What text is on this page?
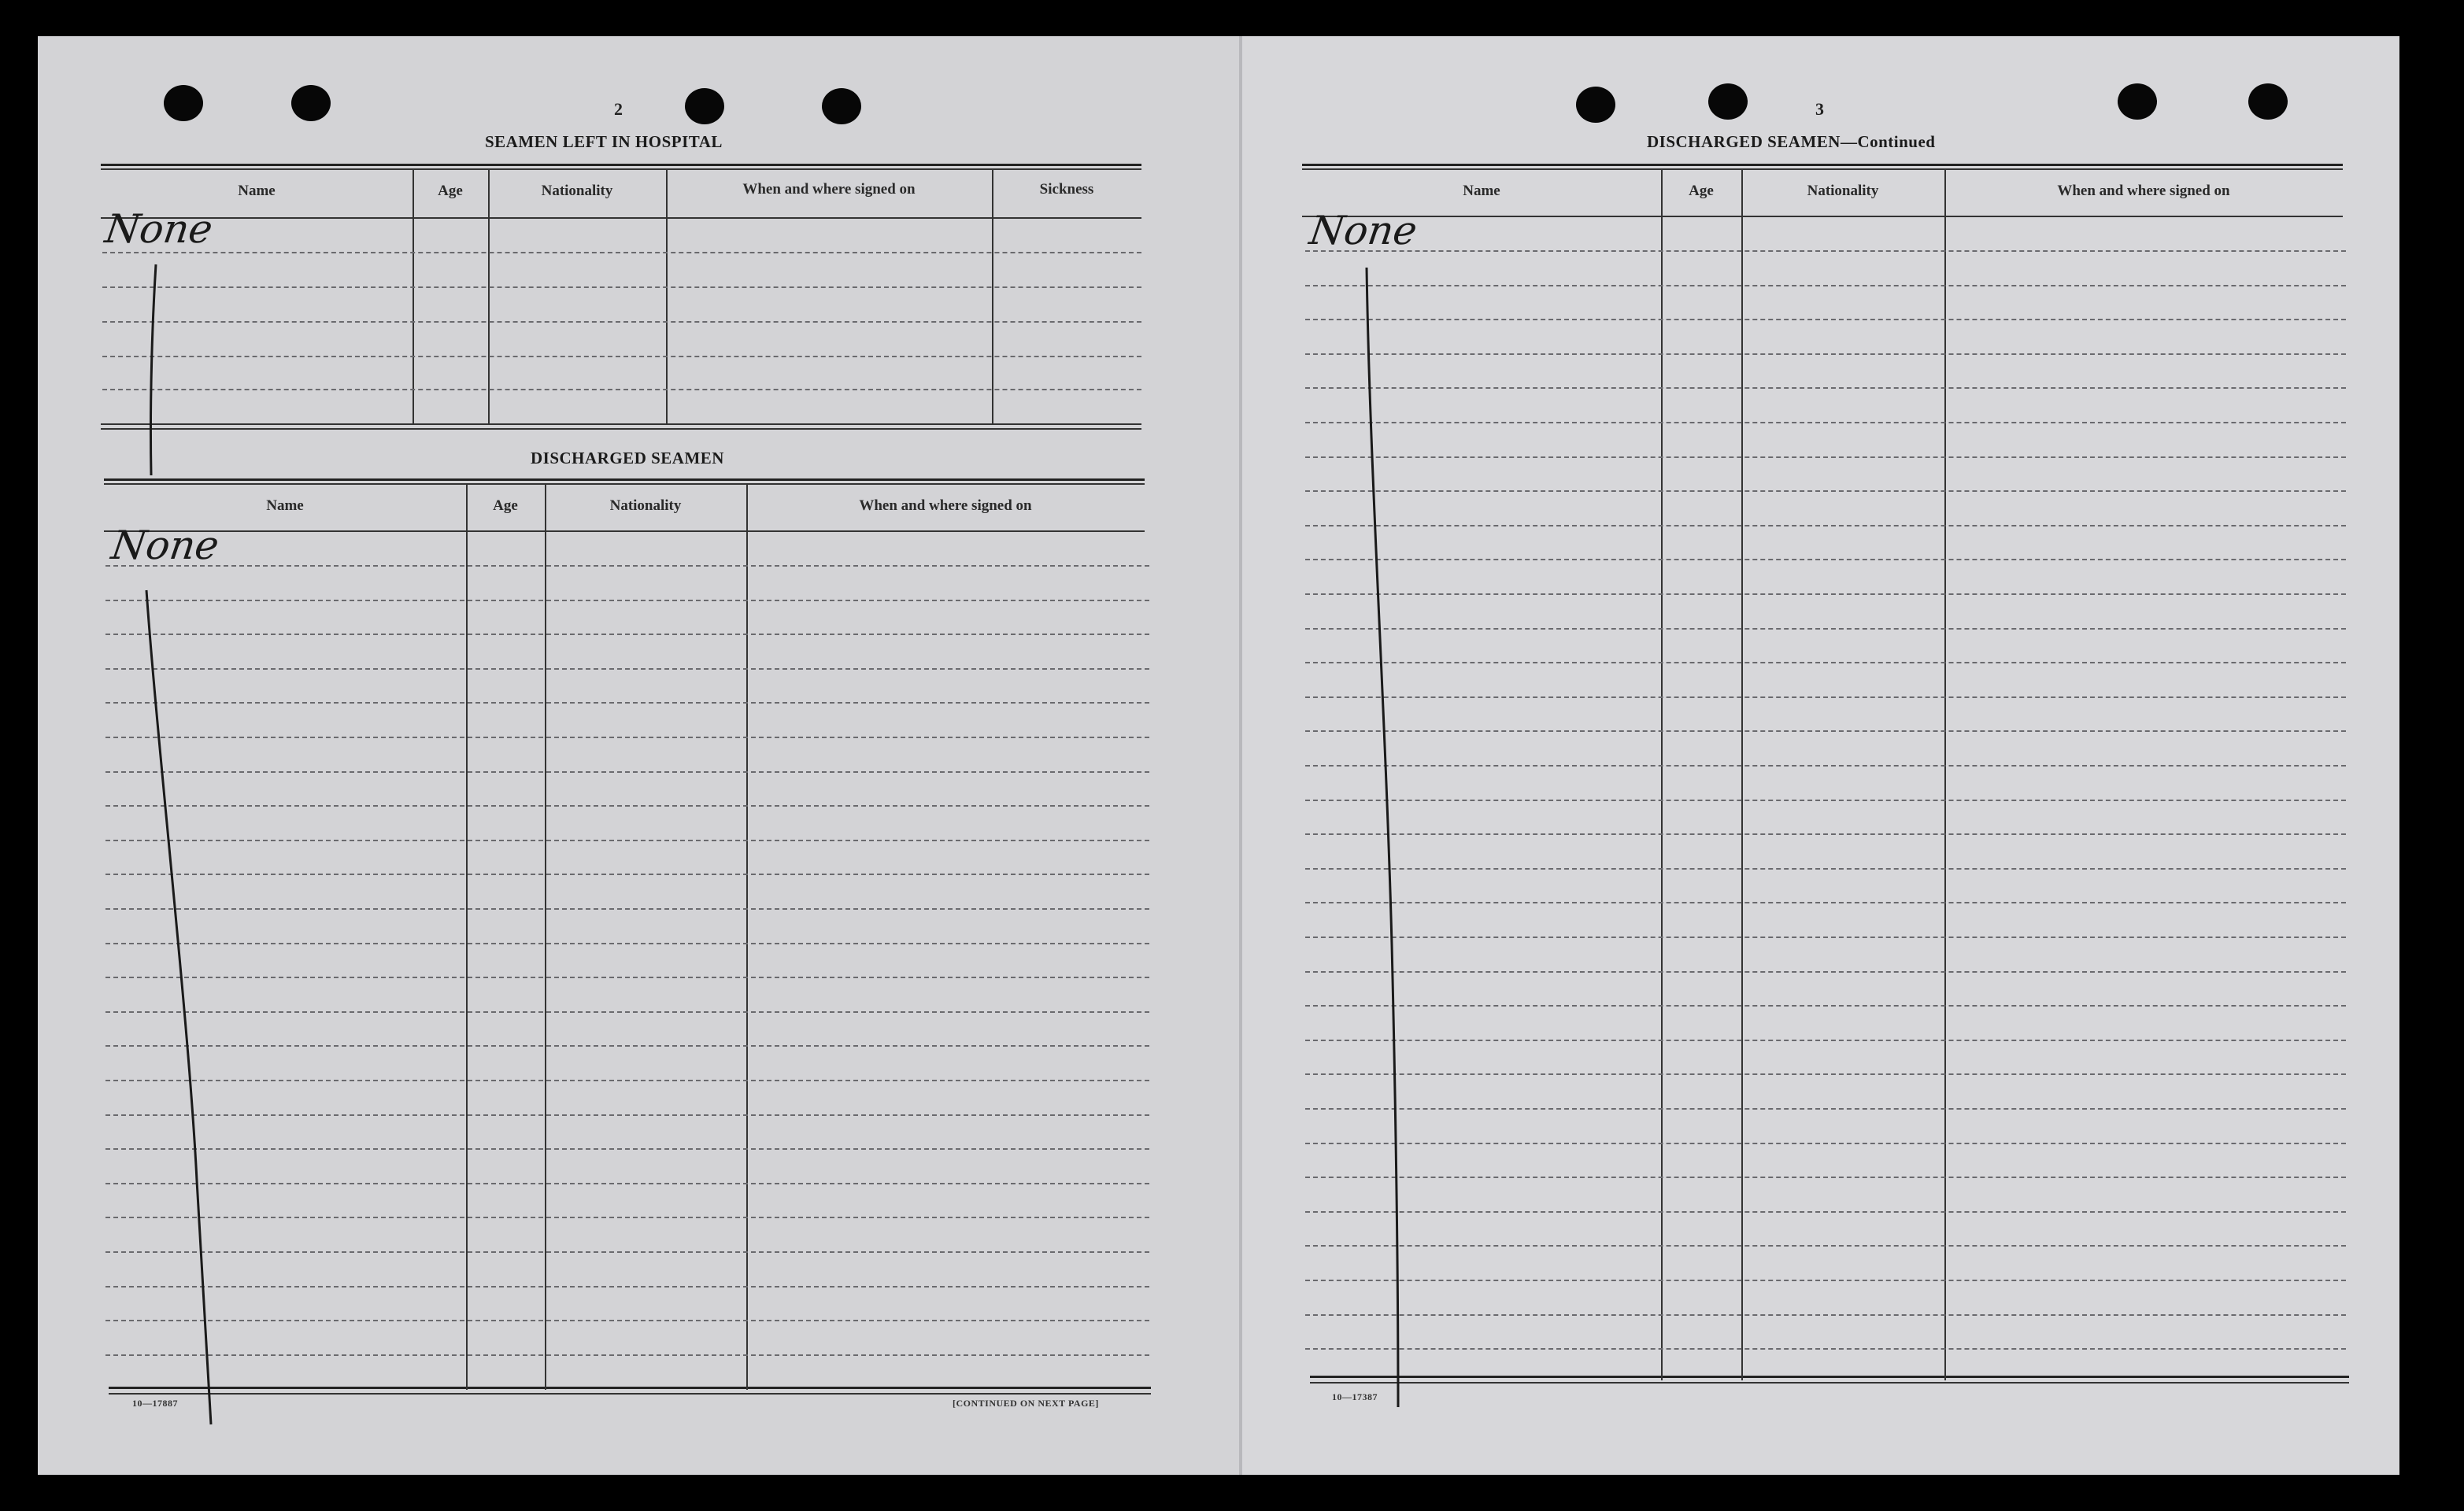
2
SEAMEN LEFT IN HOSPITAL
Name	Age	Nationality	When and where signed on	Sickness
None
DISCHARGED SEAMEN
Name	Age	Nationality	When and where signed on
None
10—17887	[CONTINUED ON NEXT PAGE]
3
DISCHARGED SEAMEN—Continued
Name	Age	Nationality	When and where signed on
None
10—17387
